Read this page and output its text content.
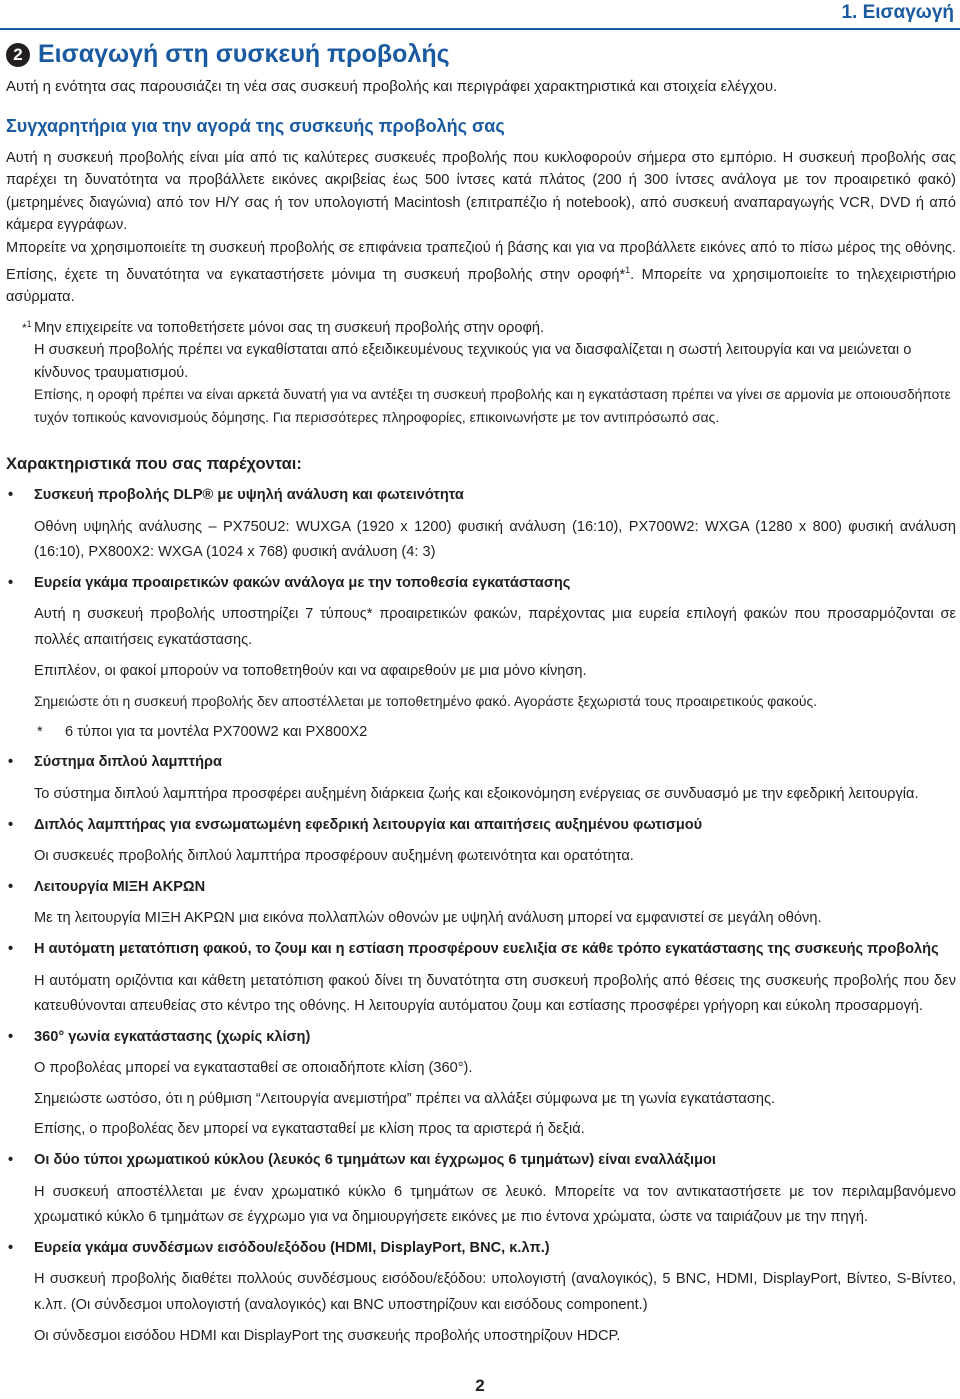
1. Εισαγωγή
2 Εισαγωγή στη συσκευή προβολής
Αυτή η ενότητα σας παρουσιάζει τη νέα σας συσκευή προβολής και περιγράφει χαρακτηριστικά και στοιχεία ελέγχου.
Συγχαρητήρια για την αγορά της συσκευής προβολής σας

Αυτή η συσκευή προβολής είναι μία από τις καλύτερες συσκευές προβολής που κυκλοφορούν σήμερα στο εμπόριο. Η συσκευή προβολής σας παρέχει τη δυνατότητα να προβάλλετε εικόνες ακριβείας έως 500 ίντσες κατά πλάτος (200 ή 300 ίντσες ανάλογα με τον προαιρετικό φακό) (μετρημένες διαγώνια) από τον Η/Υ σας ή τον υπολογιστή Macintosh (επιτραπέζιο ή notebook), από συσκευή αναπαραγωγής VCR, DVD ή από κάμερα εγγράφων.

Μπορείτε να χρησιμοποιείτε τη συσκευή προβολής σε επιφάνεια τραπεζιού ή βάσης και για να προβάλλετε εικόνες από το πίσω μέρος της οθόνης. Επίσης, έχετε τη δυνατότητα να εγκαταστήσετε μόνιμα τη συσκευή προβολής στην οροφή*$^1$. Μπορείτε να χρησιμοποιείτε το τηλεχειριστήριο ασύρματα.

*$^1$ Μην επιχειρείτε να τοποθετήσετε μόνοι σας τη συσκευή προβολής στην οροφή.

Η συσκευή προβολής πρέπει να εγκαθίσταται από εξειδικευμένους τεχνικούς για να διασφαλίζεται η σωστή λειτουργία και να μειώνεται ο κίνδυνος τραυματισμού.

Επίσης, η οροφή πρέπει να είναι αρκετά δυνατή για να αντέξει τη συσκευή προβολής και η εγκατάσταση πρέπει να γίνει σε αρμονία με οποιουσδήποτε τυχόν τοπικούς κανονισμούς δόμησης. Για περισσότερες πληροφορίες, επικοινωνήστε με τον αντιπρόσωπό σας.

Χαρακτηριστικά που σας παρέχονται:
• Συσκευή προβολής DLP® με υψηλή ανάλυση και φωτεινότητα

Οθόνη υψηλής ανάλυσης – PX750U2: WUXGA (1920 x 1200) φυσική ανάλυση (16:10), PX700W2: WXGA (1280 x 800) φυσική ανάλυση (16:10), PX800X2: WXGA (1024 x 768) φυσική ανάλυση (4: 3)

• Ευρεία γκάμα προαιρετικών φακών ανάλογα με την τοποθεσία εγκατάστασης

Αυτή η συσκευή προβολής υποστηρίζει 7 τύπους* προαιρετικών φακών, παρέχοντας μια ευρεία επιλογή φακών που προσαρμόζονται σε πολλές απαιτήσεις εγκατάστασης.

Επιπλέον, οι φακοί μπορούν να τοποθετηθούν και να αφαιρεθούν με μια μόνο κίνηση.

Σημειώστε ότι η συσκευή προβολής δεν αποστέλλεται με τοποθετημένο φακό. Αγοράστε ξεχωριστά τους προαιρετικούς φακούς.

* 6 τύποι για τα μοντέλα PX700W2 και PX800X2

• Σύστημα διπλού λαμπτήρα

Το σύστημα διπλού λαμπτήρα προσφέρει αυξημένη διάρκεια ζωής και εξοικονόμηση ενέργειας σε συνδυασμό με την εφεδρική λειτουργία.

• Διπλός λαμπτήρας για ενσωματωμένη εφεδρική λειτουργία και απαιτήσεις αυξημένου φωτισμού

Οι συσκευές προβολής διπλού λαμπτήρα προσφέρουν αυξημένη φωτεινότητα και ορατότητα.

• Λειτουργία ΜΙΞΗ ΑΚΡΩΝ

Με τη λειτουργία ΜΙΞΗ ΑΚΡΩΝ μια εικόνα πολλαπλών οθονών με υψηλή ανάλυση μπορεί να εμφανιστεί σε μεγάλη οθόνη.

• Η αυτόματη μετατόπιση φακού, το ζουμ και η εστίαση προσφέρουν ευελιξία σε κάθε τρόπο εγκατάστασης της συσκευής προβολής

Η αυτόματη οριζόντια και κάθετη μετατόπιση φακού δίνει τη δυνατότητα στη συσκευή προβολής από θέσεις της συσκευής προβολής που δεν κατευθύνονται απευθείας στο κέντρο της οθόνης. Η λειτουργία αυτόματου ζουμ και εστίασης προσφέρει γρήγορη και εύκολη προσαρμογή.

• 360° γωνία εγκατάστασης (χωρίς κλίση)

Ο προβολέας μπορεί να εγκατασταθεί σε οποιαδήποτε κλίση (360°).

Σημειώστε ωστόσο, ότι η ρύθμιση “Λειτουργία ανεμιστήρα” πρέπει να αλλάξει σύμφωνα με τη γωνία εγκατάστασης.

Επίσης, ο προβολέας δεν μπορεί να εγκατασταθεί με κλίση προς τα αριστερά ή δεξιά.

• Οι δύο τύποι χρωματικού κύκλου (λευκός 6 τμημάτων και έγχρωμος 6 τμημάτων) είναι εναλλάξιμοι

Η συσκευή αποστέλλεται με έναν χρωματικό κύκλο 6 τμημάτων σε λευκό. Μπορείτε να τον αντικαταστήσετε με τον περιλαμβανόμενο χρωματικό κύκλο 6 τμημάτων σε έγχρωμο για να δημιουργήσετε εικόνες με πιο έντονα χρώματα, ώστε να ταιριάζουν με την πηγή.

• Ευρεία γκάμα συνδέσμων εισόδου/εξόδου (HDMI, DisplayPort, BNC, κ.λπ.)

Η συσκευή προβολής διαθέτει πολλούς συνδέσμους εισόδου/εξόδου: υπολογιστή (αναλογικός), 5 BNC, HDMI, DisplayPort, Βίντεο, S-Βίντεο, κ.λπ. (Οι σύνδεσμοι υπολογιστή (αναλογικός) και BNC υποστηρίζουν και εισόδους component.)

Οι σύνδεσμοι εισόδου HDMI και DisplayPort της συσκευής προβολής υποστηρίζουν HDCP.

2
